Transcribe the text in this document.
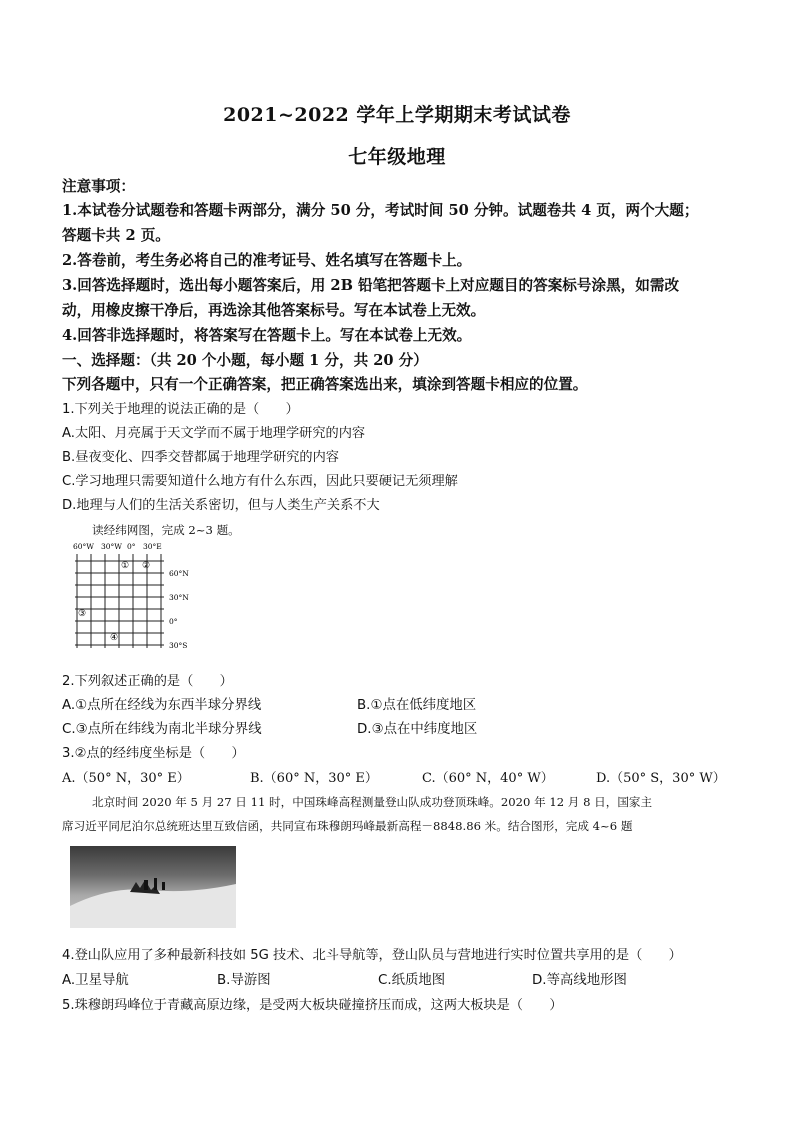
2021~2022 学年上学期期末考试试卷
七年级地理
注意事项：
1.本试卷分试题卷和答题卡两部分，满分 50 分，考试时间 50 分钟。试题卷共 4 页，两个大题；
答题卡共 2 页。
2.答卷前，考生务必将自己的准考证号、姓名填写在答题卡上。
3.回答选择题时，选出每小题答案后，用 2B 铅笔把答题卡上对应题目的答案标号涂黑，如需改
动，用橡皮擦干净后，再选涂其他答案标号。写在本试卷上无效。
4.回答非选择题时，将答案写在答题卡上。写在本试卷上无效。
一、选择题：（共 20 个小题，每小题 1 分，共 20 分）
下列各题中，只有一个正确答案，把正确答案选出来，填涂到答题卡相应的位置。
1.下列关于地理的说法正确的是（　　）
A.太阳、月亮属于天文学而不属于地理学研究的内容
B.昼夜变化、四季交替都属于地理学研究的内容
C.学习地理只需要知道什么地方有什么东西，因此只要硬记无须理解
D.地理与人们的生活关系密切，但与人类生产关系不大
读经纬网图，完成 2~3 题。
60°W 30°W 0° 30°E
60°N
30°N
0°
30°S
① ②
③
④
2.下列叙述正确的是（　　）
A.①点所在经线为东西半球分界线	B.①点在低纬度地区
C.③点所在纬线为南北半球分界线	D.③点在中纬度地区
3.②点的经纬度坐标是（　　）
A.（50° N，30° E）	B.（60° N，30° E）	C.（60° N，40° W）	D.（50° S，30° W）
北京时间 2020 年 5 月 27 日 11 时，中国珠峰高程测量登山队成功登顶珠峰。2020 年 12 月 8 日，国家主
席习近平同尼泊尔总统班达里互致信函，共同宣布珠穆朗玛峰最新高程－8848.86 米。结合图形，完成 4~6 题
4.登山队应用了多种最新科技如 5G 技术、北斗导航等，登山队员与营地进行实时位置共享用的是（　　）
A.卫星导航	B.导游图	C.纸质地图	D.等高线地形图
5.珠穆朗玛峰位于青藏高原边缘，是受两大板块碰撞挤压而成，这两大板块是（　　）
